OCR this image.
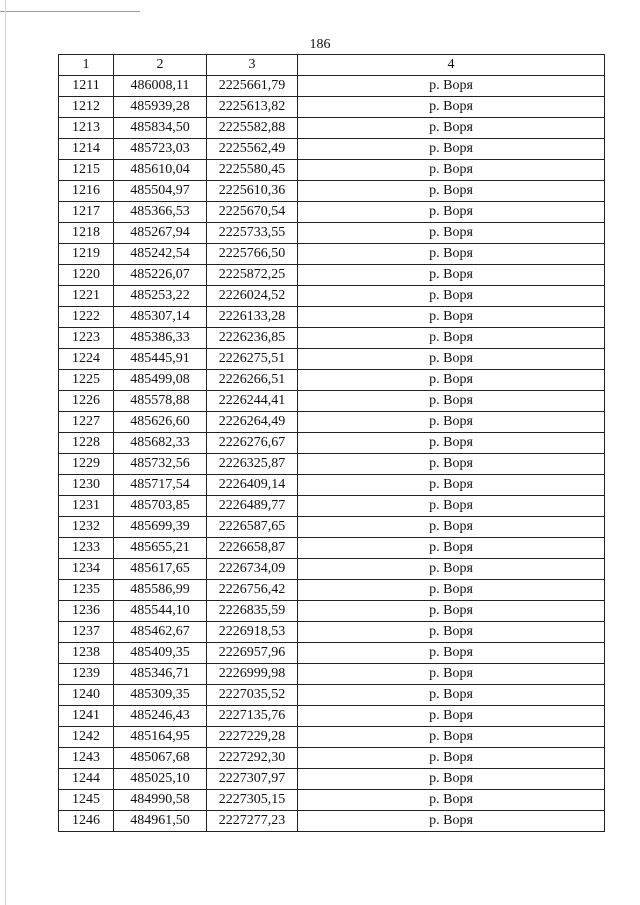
186
1	2	3	4
1211	486008,11	2225661,79	р. Воря
1212	485939,28	2225613,82	р. Воря
1213	485834,50	2225582,88	р. Воря
1214	485723,03	2225562,49	р. Воря
1215	485610,04	2225580,45	р. Воря
1216	485504,97	2225610,36	р. Воря
1217	485366,53	2225670,54	р. Воря
1218	485267,94	2225733,55	р. Воря
1219	485242,54	2225766,50	р. Воря
1220	485226,07	2225872,25	р. Воря
1221	485253,22	2226024,52	р. Воря
1222	485307,14	2226133,28	р. Воря
1223	485386,33	2226236,85	р. Воря
1224	485445,91	2226275,51	р. Воря
1225	485499,08	2226266,51	р. Воря
1226	485578,88	2226244,41	р. Воря
1227	485626,60	2226264,49	р. Воря
1228	485682,33	2226276,67	р. Воря
1229	485732,56	2226325,87	р. Воря
1230	485717,54	2226409,14	р. Воря
1231	485703,85	2226489,77	р. Воря
1232	485699,39	2226587,65	р. Воря
1233	485655,21	2226658,87	р. Воря
1234	485617,65	2226734,09	р. Воря
1235	485586,99	2226756,42	р. Воря
1236	485544,10	2226835,59	р. Воря
1237	485462,67	2226918,53	р. Воря
1238	485409,35	2226957,96	р. Воря
1239	485346,71	2226999,98	р. Воря
1240	485309,35	2227035,52	р. Воря
1241	485246,43	2227135,76	р. Воря
1242	485164,95	2227229,28	р. Воря
1243	485067,68	2227292,30	р. Воря
1244	485025,10	2227307,97	р. Воря
1245	484990,58	2227305,15	р. Воря
1246	484961,50	2227277,23	р. Воря
